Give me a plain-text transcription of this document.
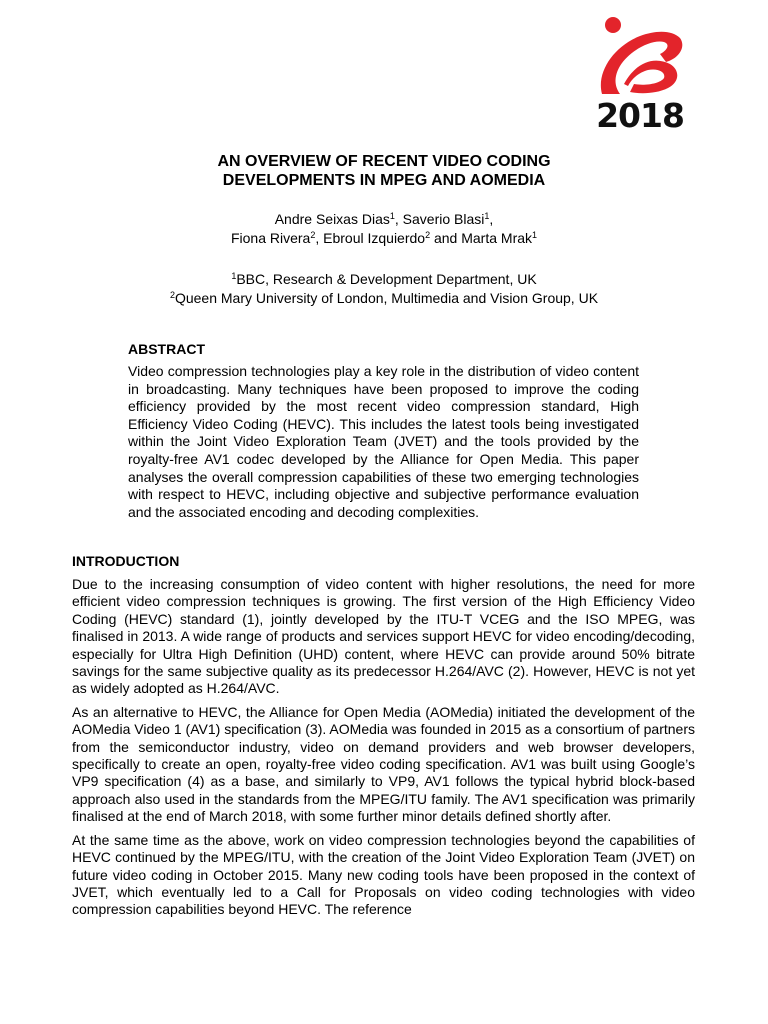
2018
AN OVERVIEW OF RECENT VIDEO CODING
DEVELOPMENTS IN MPEG AND AOMEDIA
Andre Seixas Dias$^1$, Saverio Blasi$^1$,
Fiona Rivera$^2$, Ebroul Izquierdo$^2$ and Marta Mrak$^1$
$^1$BBC, Research & Development Department, UK
$^2$Queen Mary University of London, Multimedia and Vision Group, UK
ABSTRACT
Video compression technologies play a key role in the distribution of video content in broadcasting. Many techniques have been proposed to improve the coding efficiency provided by the most recent video compression standard, High Efficiency Video Coding (HEVC). This includes the latest tools being investigated within the Joint Video Exploration Team (JVET) and the tools provided by the royalty-free AV1 codec developed by the Alliance for Open Media. This paper analyses the overall compression capabilities of these two emerging technologies with respect to HEVC, including objective and subjective performance evaluation and the associated encoding and decoding complexities.
INTRODUCTION

Due to the increasing consumption of video content with higher resolutions, the need for more efficient video compression techniques is growing. The first version of the High Efficiency Video Coding (HEVC) standard (1), jointly developed by the ITU-T VCEG and the ISO MPEG, was finalised in 2013. A wide range of products and services support HEVC for video encoding/decoding, especially for Ultra High Definition (UHD) content, where HEVC can provide around 50% bitrate savings for the same subjective quality as its predecessor H.264/AVC (2). However, HEVC is not yet as widely adopted as H.264/AVC.

As an alternative to HEVC, the Alliance for Open Media (AOMedia) initiated the development of the AOMedia Video 1 (AV1) specification (3). AOMedia was founded in 2015 as a consortium of partners from the semiconductor industry, video on demand providers and web browser developers, specifically to create an open, royalty-free video coding specification. AV1 was built using Google’s VP9 specification (4) as a base, and similarly to VP9, AV1 follows the typical hybrid block-based approach also used in the standards from the MPEG/ITU family. The AV1 specification was primarily finalised at the end of March 2018, with some further minor details defined shortly after.

At the same time as the above, work on video compression technologies beyond the capabilities of HEVC continued by the MPEG/ITU, with the creation of the Joint Video Exploration Team (JVET) on future video coding in October 2015. Many new coding tools have been proposed in the context of JVET, which eventually led to a Call for Proposals on video coding technologies with video compression capabilities beyond HEVC. The reference
